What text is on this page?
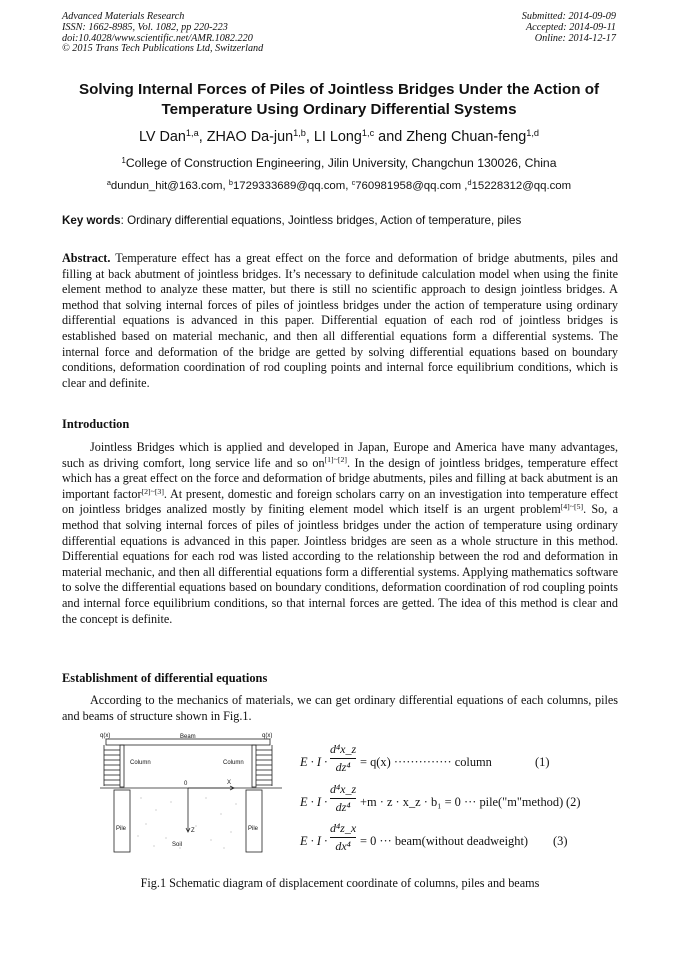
Advanced Materials Research
ISSN: 1662-8985, Vol. 1082, pp 220-223
doi:10.4028/www.scientific.net/AMR.1082.220
© 2015 Trans Tech Publications Ltd, Switzerland
Submitted: 2014-09-09
Accepted: 2014-09-11
Online: 2014-12-17
Solving Internal Forces of Piles of Jointless Bridges Under the Action of Temperature Using Ordinary Differential Systems
LV Dan$^{1,a}$, ZHAO Da-jun$^{1,b}$, LI Long$^{1,c}$ and Zheng Chuan-feng$^{1,d}$
$^1$College of Construction Engineering, Jilin University, Changchun 130026, China
$^a$dundun_hit@163.com, $^b$1729333689@qq.com, $^c$760981958@qq.com ,$^d$15228312@qq.com
Key words: Ordinary differential equations, Jointless bridges, Action of temperature, piles

Abstract. Temperature effect has a great effect on the force and deformation of bridge abutments, piles and filling at back abutment of jointless bridges. It’s necessary to definitude calculation model when using the finite element method to analyze these matter, but there is still no scientific approach to design jointless bridges. A method that solving internal forces of piles of jointless bridges under the action of temperature using ordinary differential equations is advanced in this paper. Differential equation of each rod of jointless bridges is established based on material mechanic, and then all differential equations form a differential systems. The internal force and deformation of the bridge are getted by solving differential equations based on boundary conditions, deformation coordination of rod coupling points and internal force equilibrium conditions, which is clear and definite.

Introduction

Jointless Bridges which is applied and developed in Japan, Europe and America have many advantages, such as driving comfort, long service life and so on[1]~[2]. In the design of jointless bridges, temperature effect which has a great effect on the force and deformation of bridge abutments, piles and filling at back abutment is an important factor[2]~[3]. At present, domestic and foreign scholars carry on an investigation into temperature effect on jointless bridges analized mostly by finiting element model which itself is an urgent problem[4]~[5]. So, a method that solving internal forces of piles of jointless bridges under the action of temperature using ordinary differential equations is advanced in this paper. Jointless bridges are seen as a whole structure in this method. Differential equations for each rod was listed according to the relationship between the rod and deformation in material mechanic, and then all differential equations form a differential systems. Applying mathematics software to solve the differential equations based on boundary conditions, deformation coordination of rod coupling points and internal force equilibrium conditions, so that internal forces are getted. The idea of this method is clear and the concept is definite.

Establishment of differential equations

According to the mechanics of materials, we can get ordinary differential equations of each columns, piles and beams of structure shown in Fig.1.

q(x)	q(x)
Beam
Column	Column
0	X
Z
Pile	Pile
Soil
E · I ·
d⁴x_z
dz⁴ = q(x) ·············· column	(1)
E · I ·
d⁴x_z
dz⁴ +m · z · x_z · b₁ = 0 ··· pile("m"method) (2)
E · I ·
d⁴z_x
dx⁴ = 0 ··· beam(without deadweight) (3)
Fig.1 Schematic diagram of displacement coordinate of columns, piles and beams
